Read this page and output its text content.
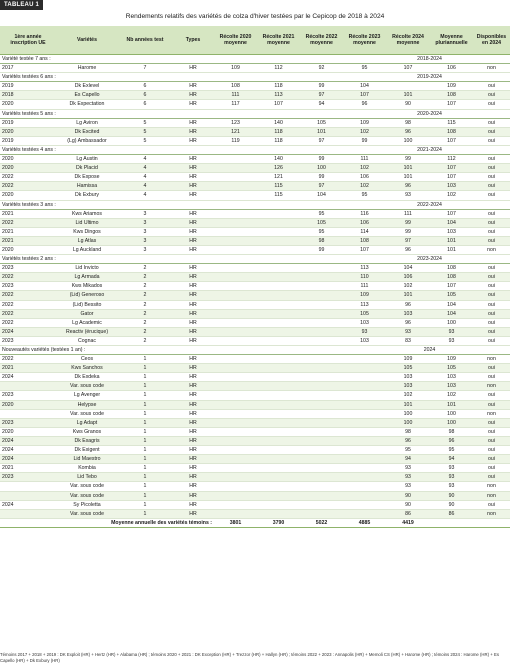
TABLEAU 1
Rendements relatifs des variétés de colza d'hiver testées par le Cepicop de 2018 à 2024
1ère année inscription UE	Variétés	Nb années test	Types	Récolte 2020 moyenne	Récolte 2021 moyenne	Récolte 2022 moyenne	Récolte 2023 moyenne	Récolte 2024 moyenne	Moyenne pluriannuelle	Disponibles en 2024
Variété testée 7 ans :								2018-2024		
2017	Harome	7	HR	109	112	92	95	107	106	non
Variétés testées 6 ans :								2019-2024		
2019	Dk Exlevel	6	HR	108	118	99	104		109	oui
2018	Es Capello	6	HR	111	113	97	107	101	108	oui
2020	Dk Expectation	6	HR	117	107	94	96	90	107	oui
Variétés testées 5 ans :								2020-2024		
2019	Lg Aviron	5	HR	123	140	105	109	98	115	oui
2020	Dk Excited	5	HR	121	118	101	102	96	108	oui
2019	(Lg) Ambassador	5	HR	119	118	97	99	100	107	oui
Variétés testées 4 ans :								2021-2024		
2020	Lg Austin	4	HR		140	99	111	99	112	oui
2020	Dk Placid	4	HR		126	100	102	101	107	oui
2022	Dk Expose	4	HR		121	99	106	101	107	oui
2022	Hamissa	4	HR		115	97	102	96	103	oui
2020	Dk Exbury	4	HR		115	104	95	93	102	oui
Variétés testées 3 ans :								2022-2024		
2021	Kws Ariamos	3	HR			95	116	111	107	oui
2022	Lid Ultimo	3	HR			105	106	99	104	oui
2021	Kws Dingos	3	HR			95	114	99	103	oui
2021	Lg Atlas	3	HR			98	108	97	101	oui
2020	Lg Auckland	3	HR			99	107	96	101	non
Variétés testées 2 ans :								2023-2024		
2023	Lid Invicto	2	HR				113	104	108	oui
2022	Lg Armada	2	HR				110	106	108	oui
2023	Kws Mikados	2	HR				111	102	107	oui
2022	(Lid) Generoso	2	HR				109	101	105	oui
2022	(Lid) Bessito	2	HR				113	96	104	oui
2022	Gator	2	HR				105	103	104	oui
2022	Lg Academic	2	HR				103	96	100	oui
2024	Reactiv (érucique)	2	HR				93	93	93	oui
2023	Cognac	2	HR				103	83	93	oui
Nouveautés variétés (testées 1 an) :								2024		
2022	Ceos	1	HR					109	109	non
2021	Kws Sanchos	1	HR					105	105	oui
2024	Dk Exdeka	1	HR					103	103	oui
	Var. sous code	1	HR					103	103	non
2023	Lg Avenger	1	HR					102	102	oui
2020	Helypse	1	HR					101	101	oui
	Var. sous code	1	HR					100	100	non
2023	Lg Adapt	1	HR					100	100	oui
2020	Kws Granos	1	HR					98	98	oui
2024	Dk Exagris	1	HR					96	96	oui
2024	Dk Exigent	1	HR					95	95	oui
2024	Lid Maestro	1	HR					94	94	oui
2021	Kombia	1	HR					93	93	oui
2023	Lid Tebo	1	HR					93	93	oui
	Var. sous code	1	HR					93	93	non
	Var. sous code	1	HR					90	90	non
2024	Sy Picoletta	1	HR					90	90	oui
	Var. sous code	1	HR					86	86	non
Moyenne annuelle des variétés témoins :				3801	3790	5022	4885	4419		
Témoins 2017 + 2018 + 2019 : DK Exploit (HR) + Hertz (HR) + Alabama (HR) ; témoins 2020 + 2021 : DK Exception (HR) + Trezzor (HR) + Hallyn (HR) ; témoins 2022 + 2023 : Annapolis (HR) + Memoli CS (HR) + Harome (HR) ; témoins 2024 : Harome (HR) + Es Capello (HR) + Dk Exbury (HR)
